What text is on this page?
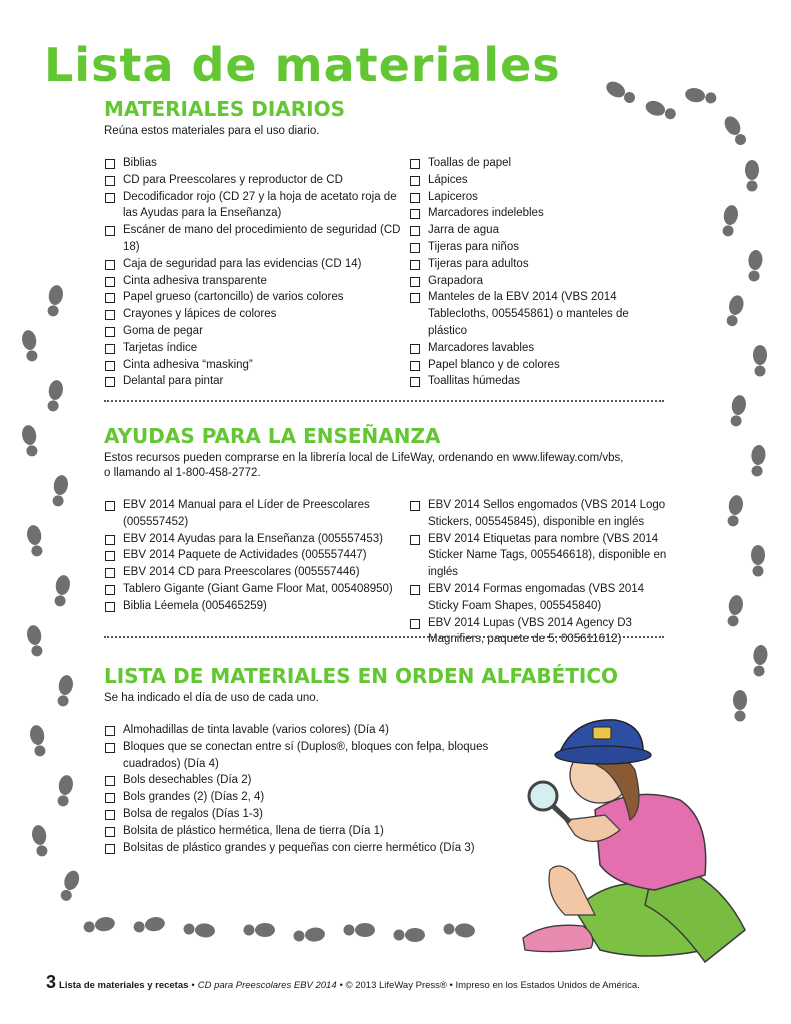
Lista de materiales
MATERIALES DIARIOS

Reúna estos materiales para el uso diario.

Biblias
CD para Preescolares y reproductor de CD
Decodificador rojo (CD 27 y la hoja de acetato roja de las Ayudas para la Enseñanza)
Escáner de mano del procedimiento de seguridad (CD 18)
Caja de seguridad para las evidencias (CD 14)
Cinta adhesiva transparente
Papel grueso (cartoncillo) de varios colores
Crayones y lápices de colores
Goma de pegar
Tarjetas índice
Cinta adhesiva “masking”
Delantal para pintar
Toallas de papel
Lápices
Lapiceros
Marcadores indelebles
Jarra de agua
Tijeras para niños
Tijeras para adultos
Grapadora
Manteles de la EBV 2014 (VBS 2014 Tablecloths, 005545861) o manteles de plástico
Marcadores lavables
Papel blanco y de colores
Toallitas húmedas
AYUDAS PARA LA ENSEÑANZA

Estos recursos pueden comprarse en la librería local de LifeWay, ordenando en www.lifeway.com/vbs,
o llamando al 1-800-458-2772.

EBV 2014 Manual para el Líder de Preescolares (005557452)
EBV 2014 Ayudas para la Enseñanza (005557453)
EBV 2014 Paquete de Actividades (005557447)
EBV 2014 CD para Preescolares (005557446)
Tablero Gigante (Giant Game Floor Mat, 005408950)
Biblia Léemela (005465259)
EBV 2014 Sellos engomados (VBS 2014 Logo Stickers, 005545845), disponible en inglés
EBV 2014 Etiquetas para nombre (VBS 2014 Sticker Name Tags, 005546618), disponible en inglés
EBV 2014 Formas engomadas (VBS 2014 Sticky Foam Shapes, 005545840)
EBV 2014 Lupas (VBS 2014 Agency D3 Magnifiers, paquete de 5, 005611612)
LISTA DE MATERIALES EN ORDEN ALFABÉTICO

Se ha indicado el día de uso de cada uno.

Almohadillas de tinta lavable (varios colores) (Día 4)
Bloques que se conectan entre sí (Duplos®, bloques con felpa, bloques cuadrados) (Día 4)
Bols desechables (Día 2)
Bols grandes (2) (Días 2, 4)
Bolsa de regalos (Días 1-3)
Bolsita de plástico hermética, llena de tierra (Día 1)
Bolsitas de plástico grandes y pequeñas con cierre hermético (Día 3)
3 Lista de materiales y recetas • CD para Preescolares EBV 2014 • © 2013 LifeWay Press® • Impreso en los Estados Unidos de América.
